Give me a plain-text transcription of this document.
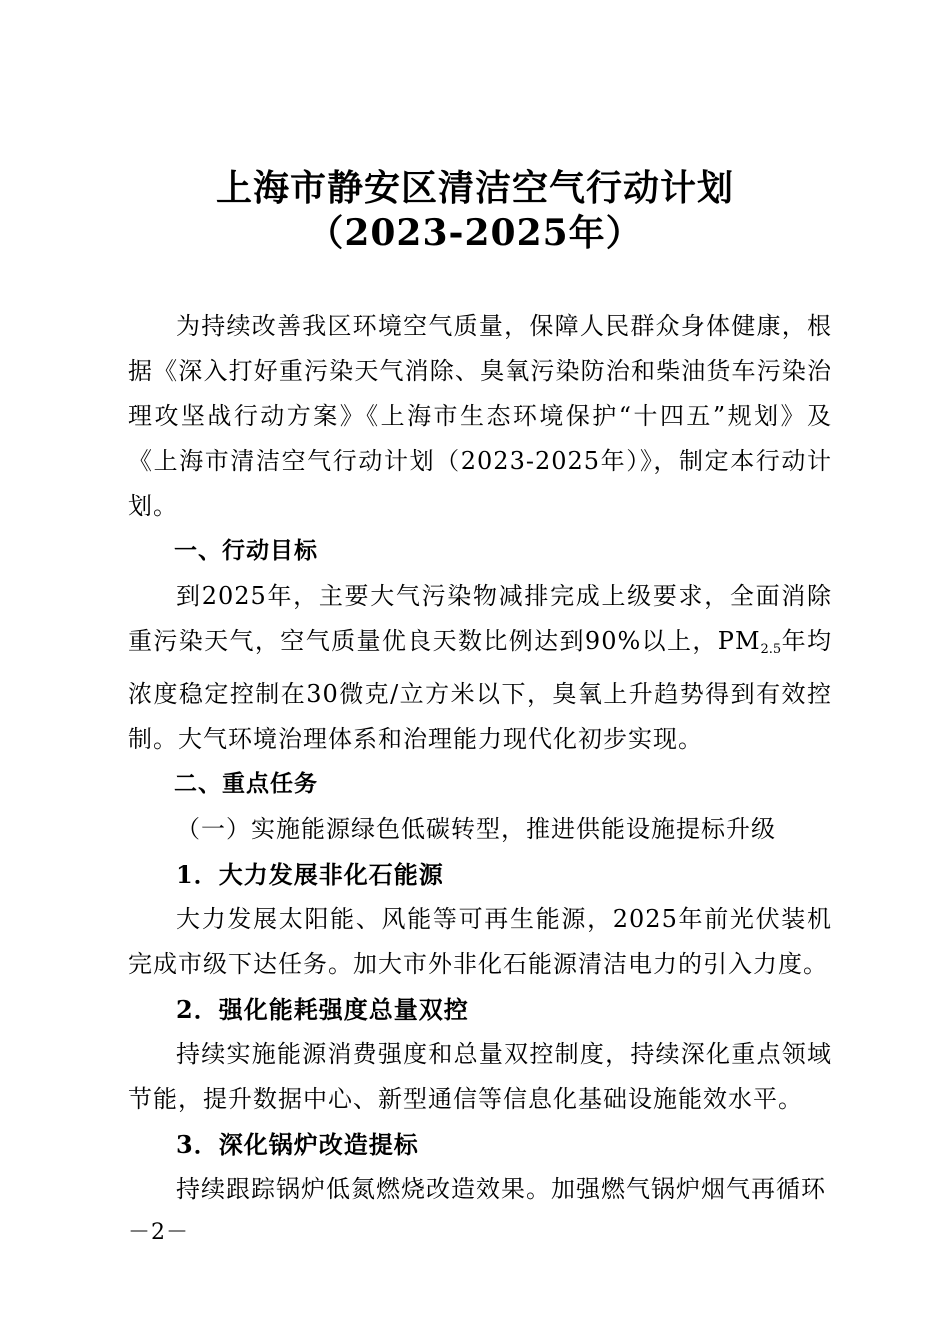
上海市静安区清洁空气行动计划
（2023-2025年）

为持续改善我区环境空气质量，保障人民群众身体健康，根据《深入打好重污染天气消除、臭氧污染防治和柴油货车污染治理攻坚战行动方案》《上海市生态环境保护“十四五”规划》及《上海市清洁空气行动计划（2023-2025年）》，制定本行动计划。

一、行动目标

到2025年，主要大气污染物减排完成上级要求，全面消除重污染天气，空气质量优良天数比例达到90%以上，$PM_{2.5}$年均浓度稳定控制在30微克/立方米以下，臭氧上升趋势得到有效控制。大气环境治理体系和治理能力现代化初步实现。

二、重点任务

（一）实施能源绿色低碳转型，推进供能设施提标升级

1．大力发展非化石能源

大力发展太阳能、风能等可再生能源，2025年前光伏装机完成市级下达任务。加大市外非化石能源清洁电力的引入力度。

2．强化能耗强度总量双控

持续实施能源消费强度和总量双控制度，持续深化重点领域节能，提升数据中心、新型通信等信息化基础设施能效水平。

3．深化锅炉改造提标

持续跟踪锅炉低氮燃烧改造效果。加强燃气锅炉烟气再循环

－2－
